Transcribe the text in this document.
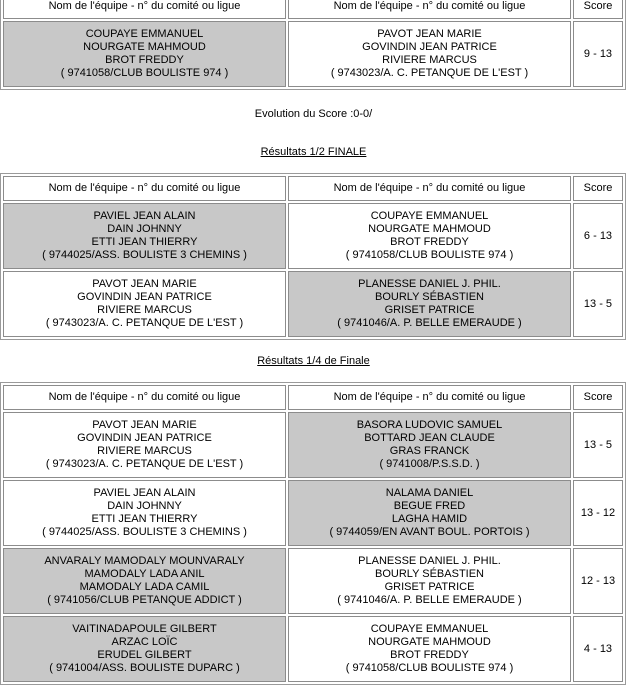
Nom de l'équipe - n° du comité ou ligue	Nom de l'équipe - n° du comité ou ligue	Score

COUPAYE EMMANUEL
NOURGATE MAHMOUD
BROT FREDDY
( 9741058/CLUB BOULISTE 974 )	PAVOT JEAN MARIE
GOVINDIN JEAN PATRICE
RIVIERE MARCUS
( 9743023/A. C. PETANQUE DE L'EST )	9 - 13
Evolution du Score :0-0/
Résultats 1/2 FINALE
Nom de l'équipe - n° du comité ou ligue	Nom de l'équipe - n° du comité ou ligue	Score

PAVIEL JEAN ALAIN
DAIN JOHNNY
ETTI JEAN THIERRY
( 9744025/ASS. BOULISTE 3 CHEMINS )	COUPAYE EMMANUEL
NOURGATE MAHMOUD
BROT FREDDY
( 9741058/CLUB BOULISTE 974 )	6 - 13

PAVOT JEAN MARIE
GOVINDIN JEAN PATRICE
RIVIERE MARCUS
( 9743023/A. C. PETANQUE DE L'EST )	PLANESSE DANIEL J. PHIL.
BOURLY SÉBASTIEN
GRISET PATRICE
( 9741046/A. P. BELLE EMERAUDE )	13 - 5
Résultats 1/4 de Finale
Nom de l'équipe - n° du comité ou ligue	Nom de l'équipe - n° du comité ou ligue	Score

PAVOT JEAN MARIE
GOVINDIN JEAN PATRICE
RIVIERE MARCUS
( 9743023/A. C. PETANQUE DE L'EST )	BASORA LUDOVIC SAMUEL
BOTTARD JEAN CLAUDE
GRAS FRANCK
( 9741008/P.S.S.D. )	13 - 5

PAVIEL JEAN ALAIN
DAIN JOHNNY
ETTI JEAN THIERRY
( 9744025/ASS. BOULISTE 3 CHEMINS )	NALAMA DANIEL
BEGUE FRED
LAGHA HAMID
( 9744059/EN AVANT BOUL. PORTOIS )	13 - 12

ANVARALY MAMODALY MOUNVARALY
MAMODALY LADA ANIL
MAMODALY LADA CAMIL
( 9741056/CLUB PETANQUE ADDICT )	PLANESSE DANIEL J. PHIL.
BOURLY SÉBASTIEN
GRISET PATRICE
( 9741046/A. P. BELLE EMERAUDE )	12 - 13

VAITINADAPOULE GILBERT
ARZAC LOÏC
ERUDEL GILBERT
( 9741004/ASS. BOULISTE DUPARC )	COUPAYE EMMANUEL
NOURGATE MAHMOUD
BROT FREDDY
( 9741058/CLUB BOULISTE 974 )	4 - 13
